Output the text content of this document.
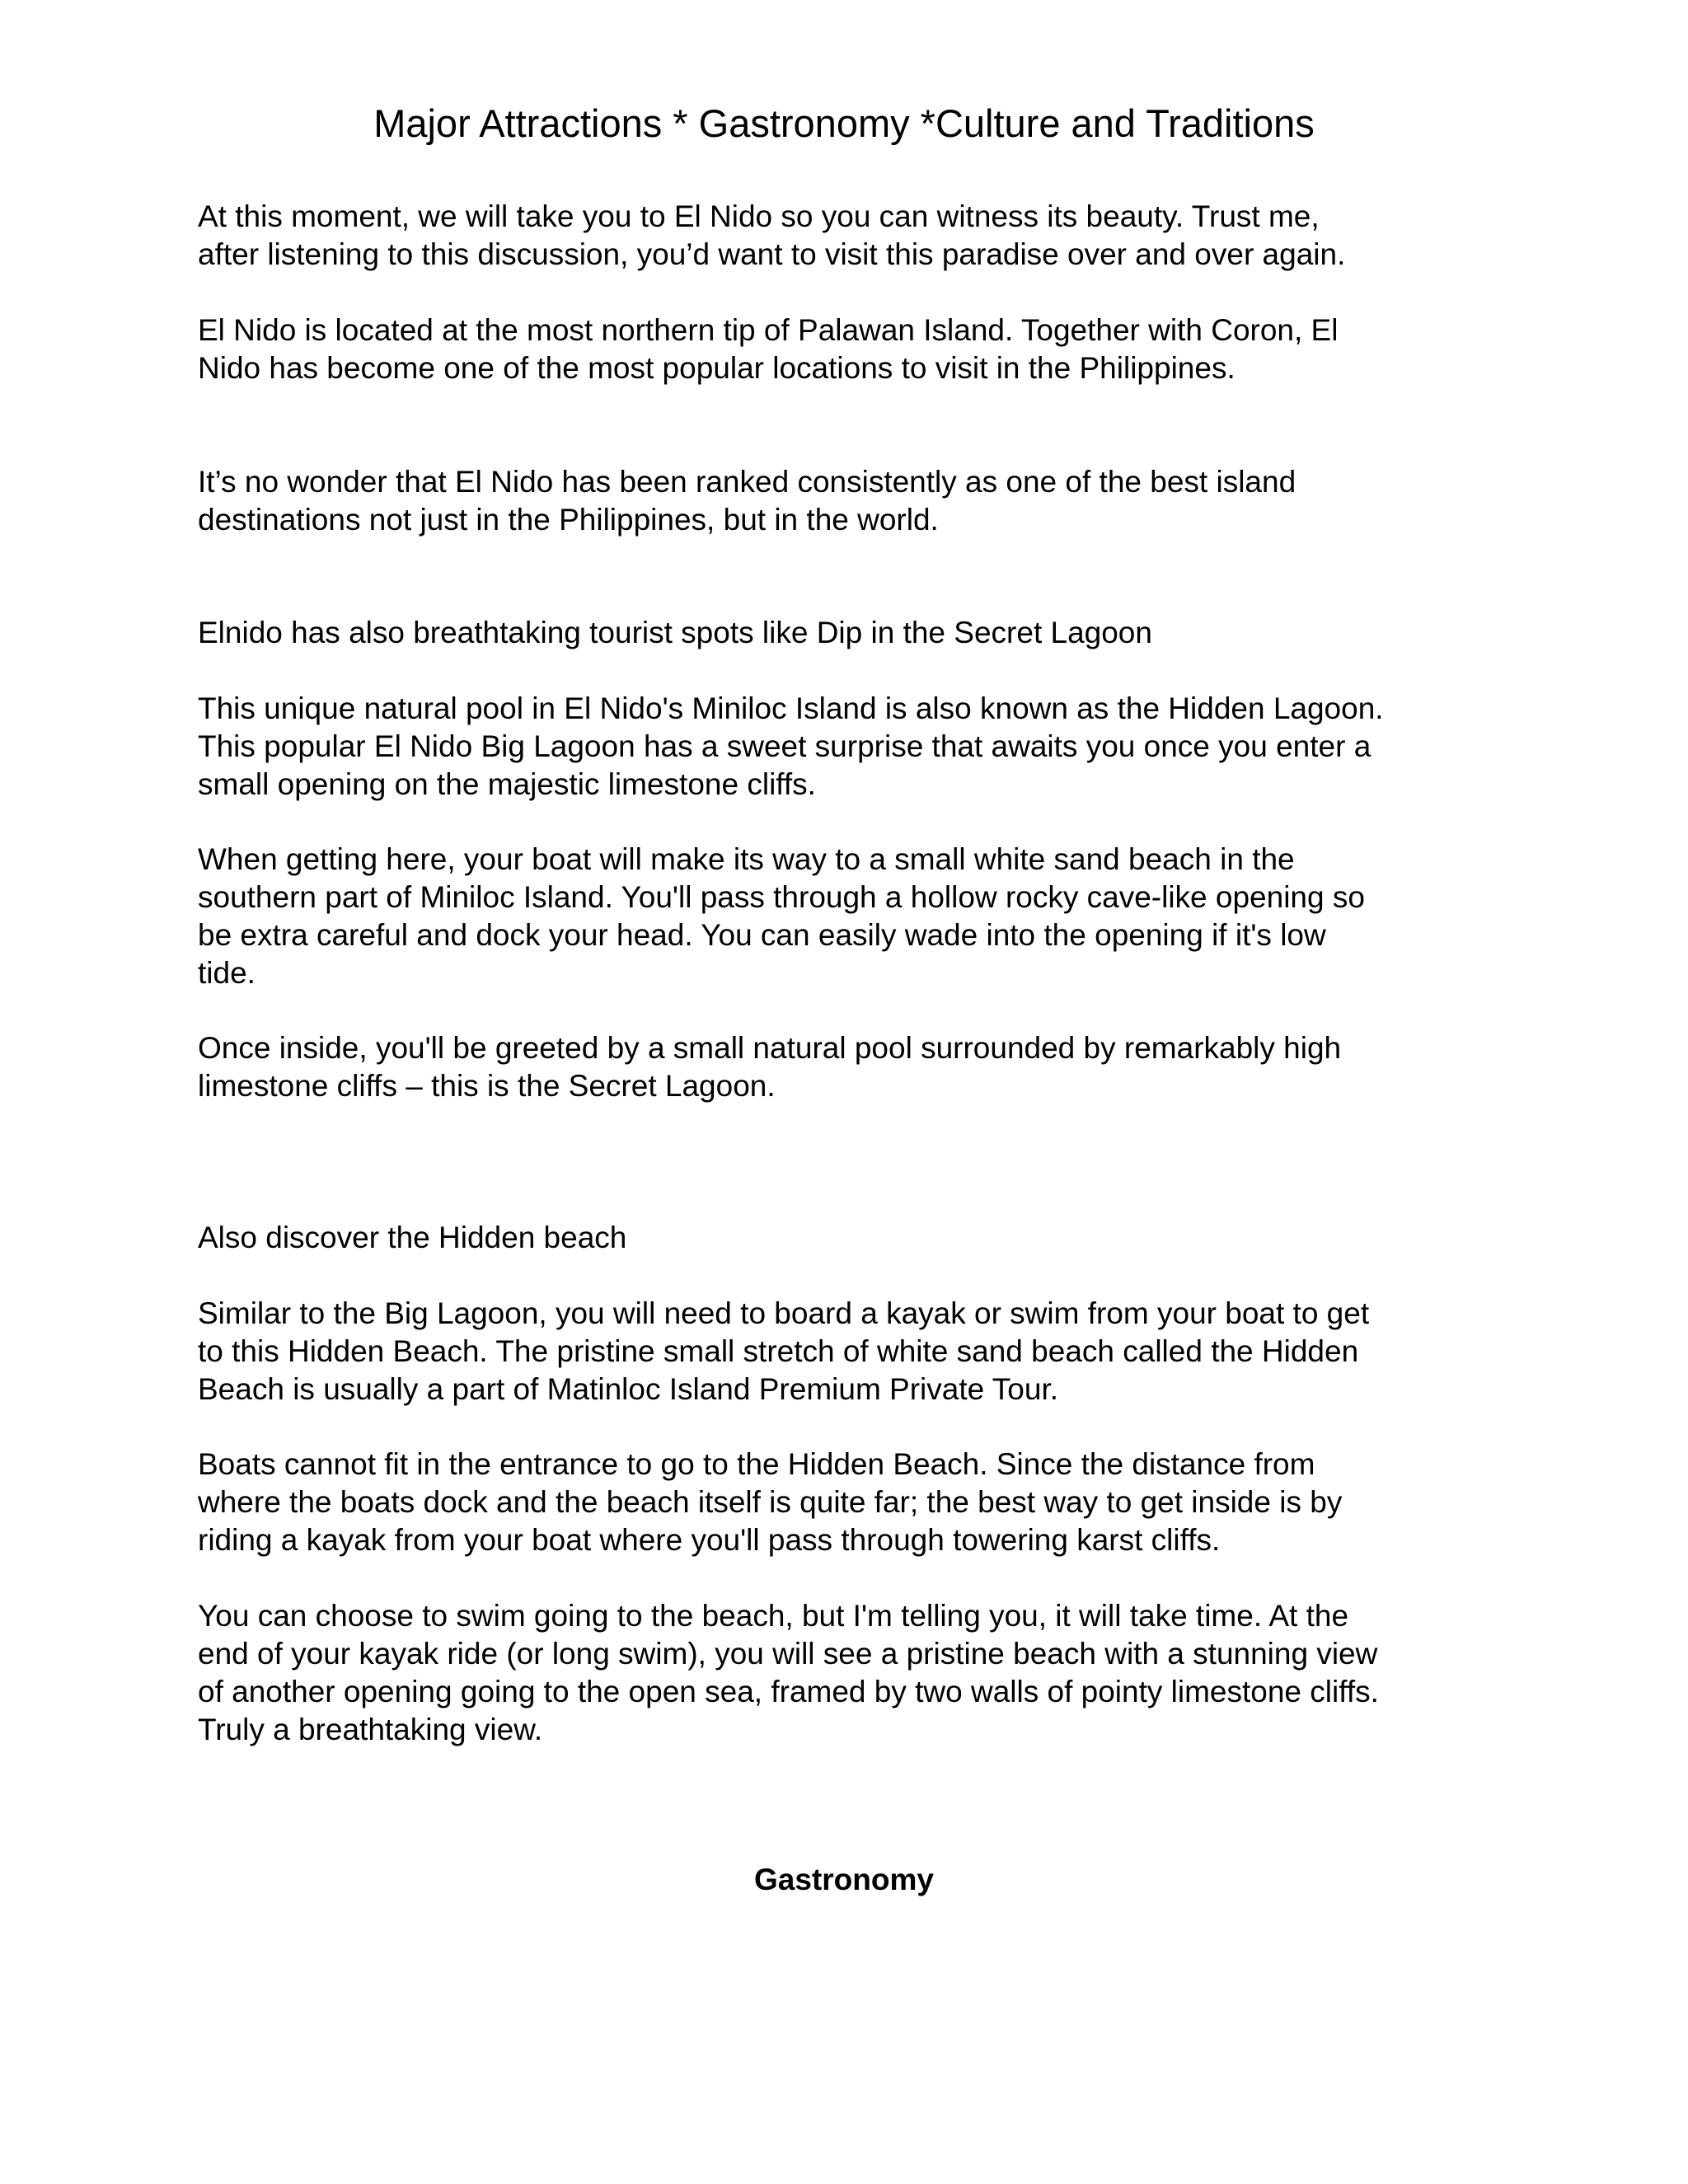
Major Attractions * Gastronomy *Culture and Traditions

At this moment, we will take you to El Nido so you can witness its beauty. Trust me,
after listening to this discussion, you’d want to visit this paradise over and over again.

El Nido is located at the most northern tip of Palawan Island. Together with Coron, El
Nido has become one of the most popular locations to visit in the Philippines.

It’s no wonder that El Nido has been ranked consistently as one of the best island
destinations not just in the Philippines, but in the world.

Elnido has also breathtaking tourist spots like Dip in the Secret Lagoon

This unique natural pool in El Nido's Miniloc Island is also known as the Hidden Lagoon.
This popular El Nido Big Lagoon has a sweet surprise that awaits you once you enter a
small opening on the majestic limestone cliffs.

When getting here, your boat will make its way to a small white sand beach in the
southern part of Miniloc Island. You'll pass through a hollow rocky cave-like opening so
be extra careful and dock your head. You can easily wade into the opening if it's low
tide.

Once inside, you'll be greeted by a small natural pool surrounded by remarkably high
limestone cliffs – this is the Secret Lagoon.

Also discover the Hidden beach

Similar to the Big Lagoon, you will need to board a kayak or swim from your boat to get
to this Hidden Beach. The pristine small stretch of white sand beach called the Hidden
Beach is usually a part of Matinloc Island Premium Private Tour.

Boats cannot fit in the entrance to go to the Hidden Beach. Since the distance from
where the boats dock and the beach itself is quite far; the best way to get inside is by
riding a kayak from your boat where you'll pass through towering karst cliffs.

You can choose to swim going to the beach, but I'm telling you, it will take time. At the
end of your kayak ride (or long swim), you will see a pristine beach with a stunning view
of another opening going to the open sea, framed by two walls of pointy limestone cliffs.
Truly a breathtaking view.

Gastronomy
